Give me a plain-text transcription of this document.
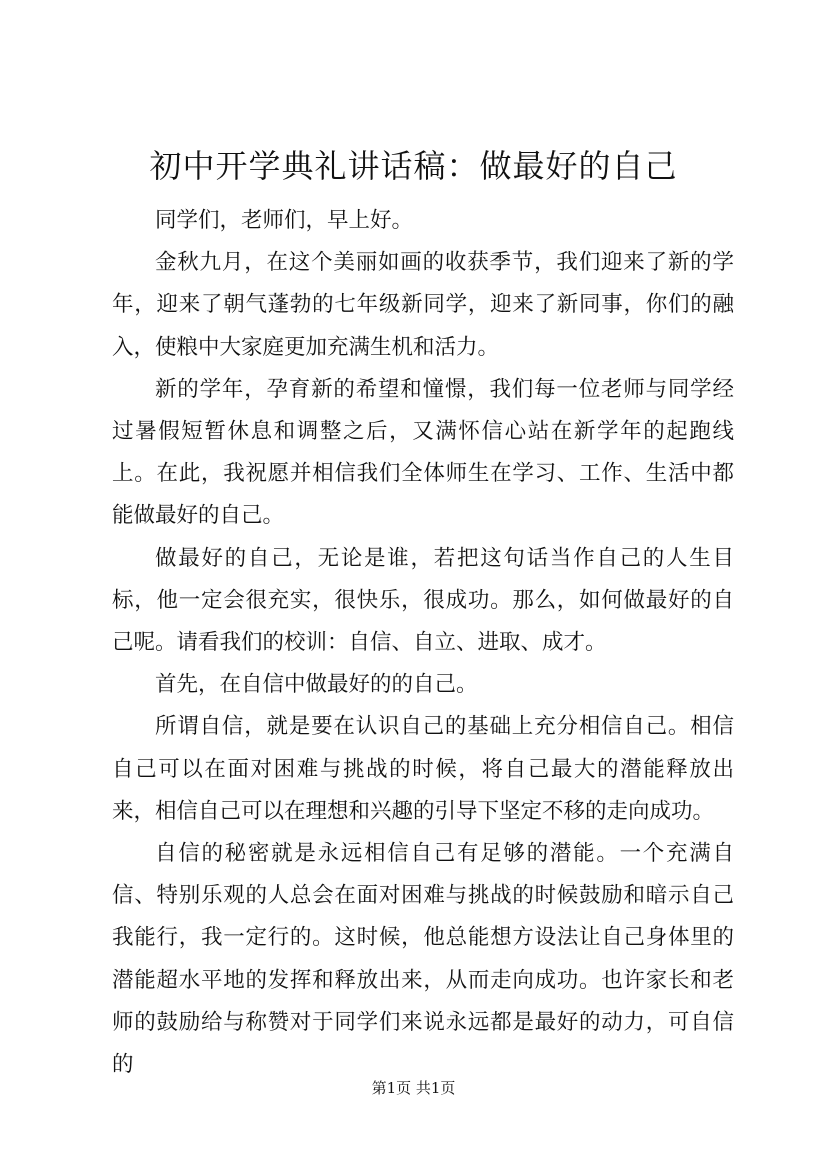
初中开学典礼讲话稿：做最好的自己

同学们，老师们，早上好。

金秋九月，在这个美丽如画的收获季节，我们迎来了新的学年，迎来了朝气蓬勃的七年级新同学，迎来了新同事，你们的融入，使粮中大家庭更加充满生机和活力。

新的学年，孕育新的希望和憧憬，我们每一位老师与同学经过暑假短暂休息和调整之后，又满怀信心站在新学年的起跑线上。在此，我祝愿并相信我们全体师生在学习、工作、生活中都能做最好的自己。

做最好的自己，无论是谁，若把这句话当作自己的人生目标，他一定会很充实，很快乐，很成功。那么，如何做最好的自己呢。请看我们的校训：自信、自立、进取、成才。

首先，在自信中做最好的的自己。

所谓自信，就是要在认识自己的基础上充分相信自己。相信自己可以在面对困难与挑战的时候，将自己最大的潜能释放出来，相信自己可以在理想和兴趣的引导下坚定不移的走向成功。

自信的秘密就是永远相信自己有足够的潜能。一个充满自信、特别乐观的人总会在面对困难与挑战的时候鼓励和暗示自己我能行，我一定行的。这时候，他总能想方设法让自己身体里的潜能超水平地的发挥和释放出来，从而走向成功。也许家长和老师的鼓励给与称赞对于同学们来说永远都是最好的动力，可自信的

第1页 共1页
